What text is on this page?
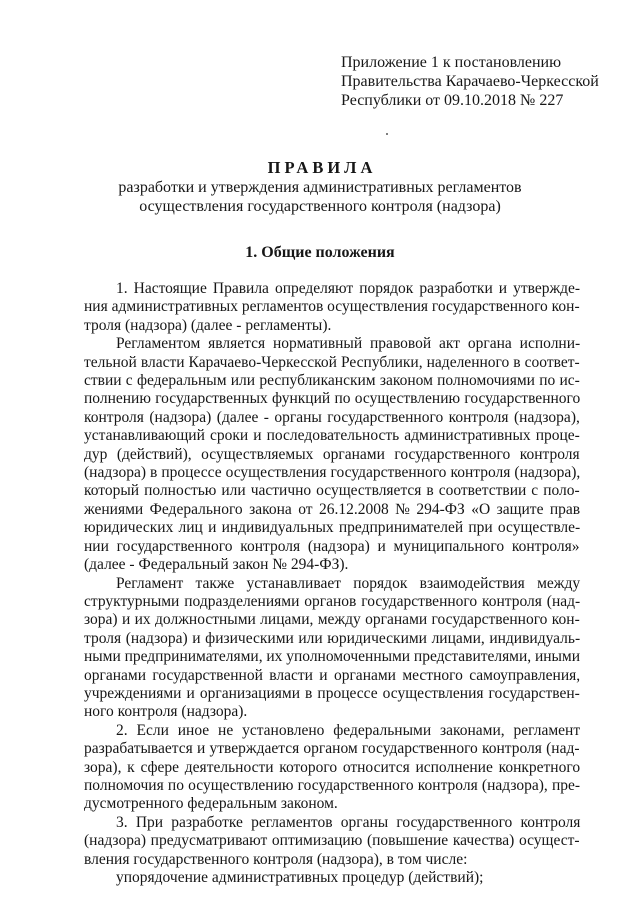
Приложение 1 к постановлению
Правительства Карачаево-Черкесской
Республики от 09.10.2018 № 227
ПРАВИЛА
разработки и утверждения административных регламентов
осуществления государственного контроля (надзора)
1. Общие положения
1. Настоящие Правила определяют порядок разработки и утвержде-
ния административных регламентов осуществления государственного кон-
троля (надзора) (далее - регламенты).
Регламентом является нормативный правовой акт органа исполни-
тельной власти Карачаево-Черкесской Республики, наделенного в соответ-
ствии с федеральным или республиканским законом полномочиями по ис-
полнению государственных функций по осуществлению государственного
контроля (надзора) (далее - органы государственного контроля (надзора),
устанавливающий сроки и последовательность административных проце-
дур (действий), осуществляемых органами государственного контроля
(надзора) в процессе осуществления государственного контроля (надзора),
который полностью или частично осуществляется в соответствии с поло-
жениями Федерального закона от 26.12.2008 № 294-ФЗ «О защите прав
юридических лиц и индивидуальных предпринимателей при осуществле-
нии государственного контроля (надзора) и муниципального контроля»
(далее - Федеральный закон № 294-ФЗ).
Регламент также устанавливает порядок взаимодействия между
структурными подразделениями органов государственного контроля (над-
зора) и их должностными лицами, между органами государственного кон-
троля (надзора) и физическими или юридическими лицами, индивидуаль-
ными предпринимателями, их уполномоченными представителями, иными
органами государственной власти и органами местного самоуправления,
учреждениями и организациями в процессе осуществления государствен-
ного контроля (надзора).
2. Если иное не установлено федеральными законами, регламент
разрабатывается и утверждается органом государственного контроля (над-
зора), к сфере деятельности которого относится исполнение конкретного
полномочия по осуществлению государственного контроля (надзора), пре-
дусмотренного федеральным законом.
3. При разработке регламентов органы государственного контроля
(надзора) предусматривают оптимизацию (повышение качества) осущест-
вления государственного контроля (надзора), в том числе:
упорядочение административных процедур (действий);
